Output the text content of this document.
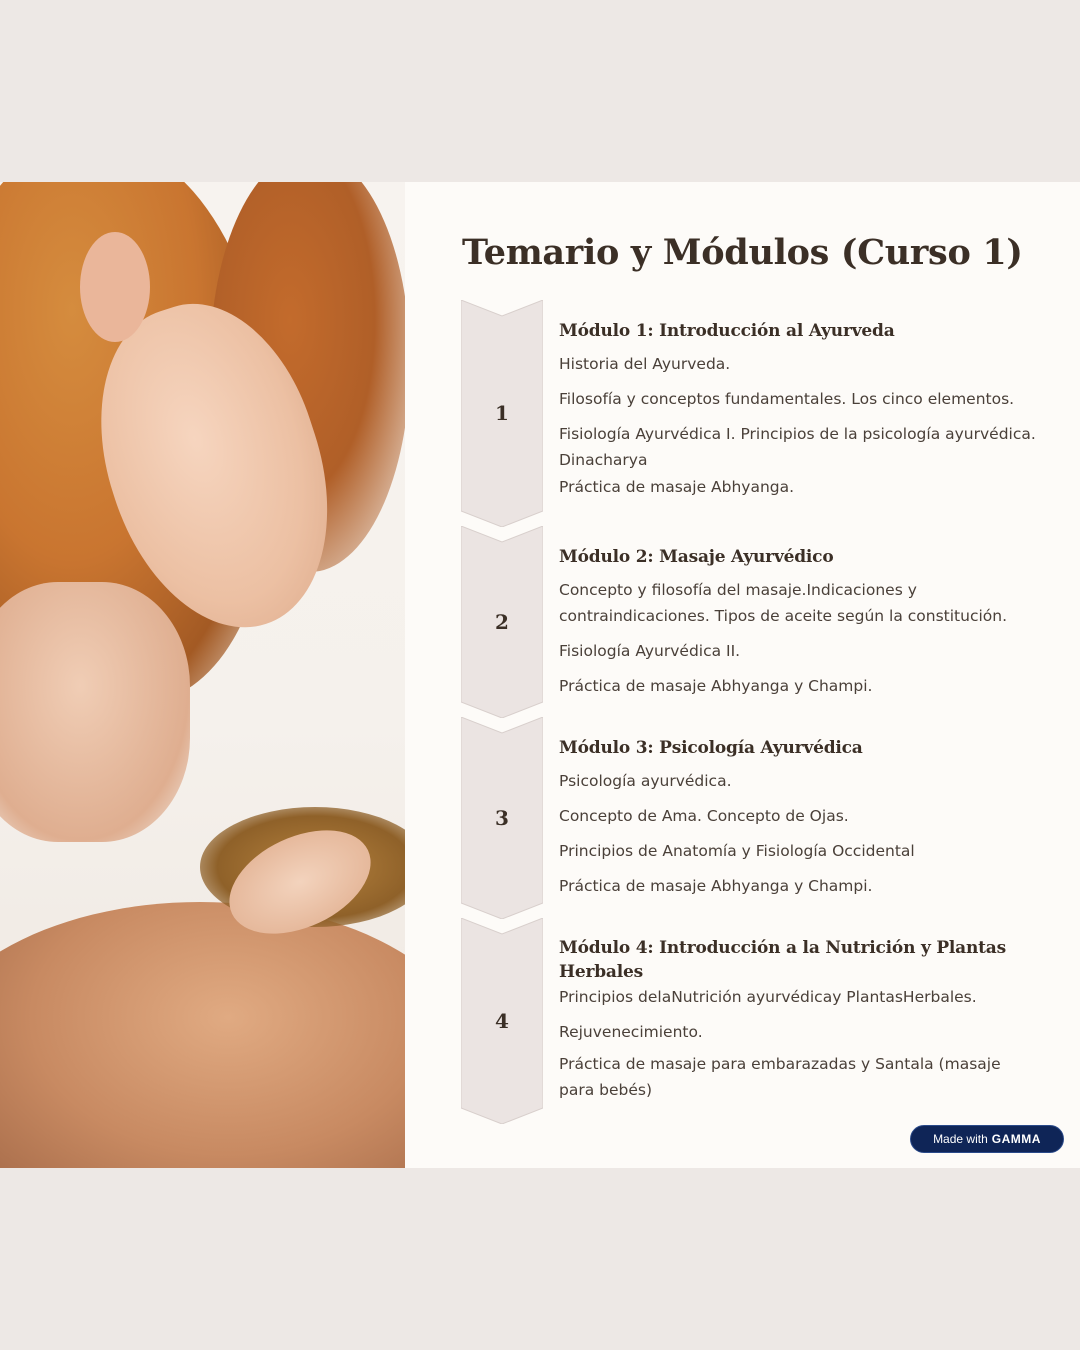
Temario y Módulos (Curso 1)
1
Módulo 1: Introducción al Ayurveda

Historia del Ayurveda.

Filosofía y conceptos fundamentales. Los cinco elementos.

Fisiología Ayurvédica I. Principios de la psicología ayurvédica. Dinacharya

Práctica de masaje Abhyanga.

2
Módulo 2: Masaje Ayurvédico

Concepto y filosofía del masaje.Indicaciones y contraindicaciones. Tipos de aceite según la constitución.

Fisiología Ayurvédica II.

Práctica de masaje Abhyanga y Champi.

3
Módulo 3: Psicología Ayurvédica

Psicología ayurvédica.

Concepto de Ama. Concepto de Ojas.

Principios de Anatomía y Fisiología Occidental

Práctica de masaje Abhyanga y Champi.

4
Módulo 4: Introducción a la Nutrición y Plantas Herbales

Principios delaNutrición ayurvédicay PlantasHerbales.

Rejuvenecimiento.

Práctica de masaje para embarazadas y Santala (masaje para bebés)

Made with GAMMA
